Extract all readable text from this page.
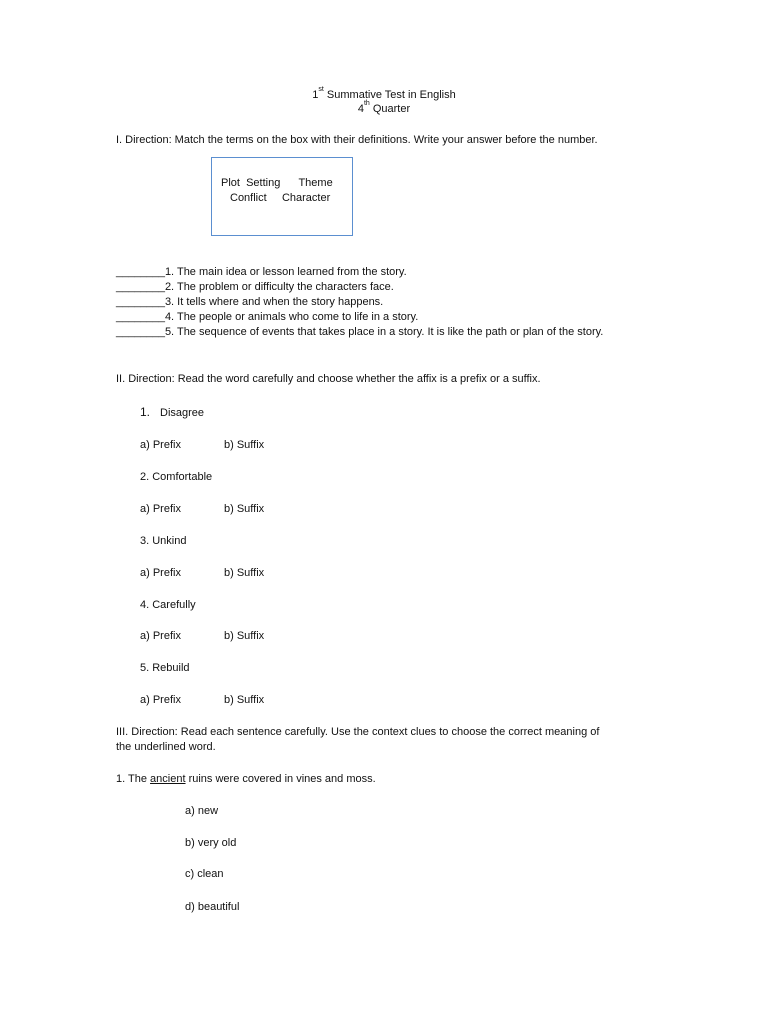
1st Summative Test in English
4th Quarter
I. Direction: Match the terms on the box with their definitions. Write your answer before the number.
Plot  Setting      Theme
Conflict     Character
________1. The main idea or lesson learned from the story.
________2. The problem or difficulty the characters face.
________3. It tells where and when the story happens.
________4. The people or animals who come to life in a story.
________5. The sequence of events that takes place in a story. It is like the path or plan of the story.
II. Direction: Read the word carefully and choose whether the affix is a prefix or a suffix.
1. Disagree
a) Prefix	b) Suffix
2. Comfortable
a) Prefix	b) Suffix
3. Unkind
a) Prefix	b) Suffix
4. Carefully
a) Prefix	b) Suffix
5. Rebuild
a) Prefix	b) Suffix
III. Direction: Read each sentence carefully. Use the context clues to choose the correct meaning of
the underlined word.
1. The ancient ruins were covered in vines and moss.
a) new
b) very old
c) clean
d) beautiful
